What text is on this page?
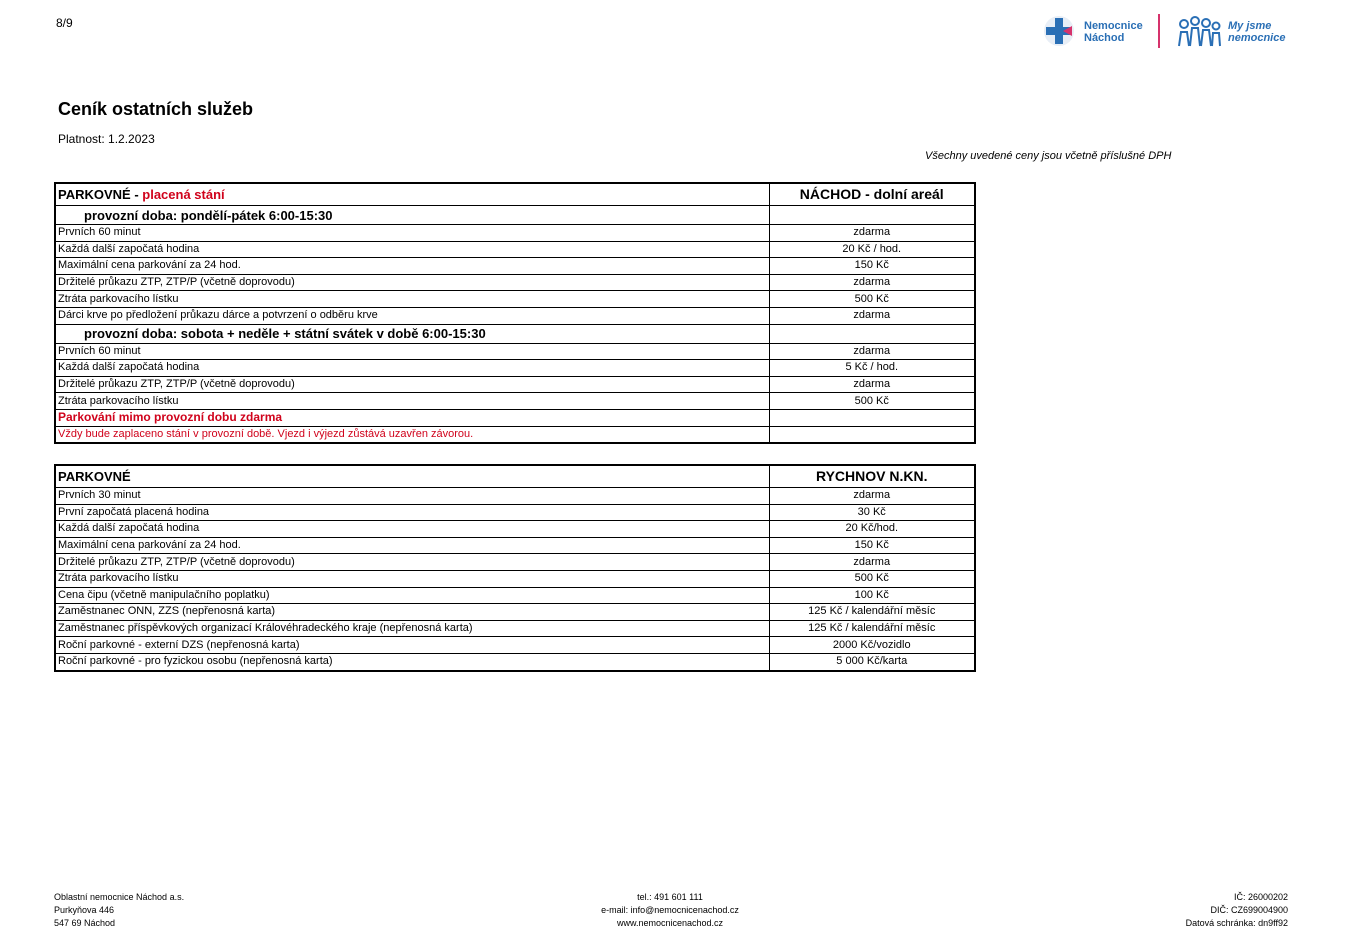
8/9	Nemocnice
Náchod
My jsme
nemocnice
Ceník ostatních služeb
Platnost: 1.2.2023
Všechny uvedené ceny jsou včetně příslušné DPH
PARKOVNÉ - placená stání	NÁCHOD - dolní areál
provozní doba: pondělí-pátek 6:00-15:30	
Prvních 60 minut	zdarma
Každá další započatá hodina	20 Kč / hod.
Maximální cena parkování za 24 hod.	150 Kč
Držitelé průkazu ZTP, ZTP/P (včetně doprovodu)	zdarma
Ztráta parkovacího lístku	500 Kč
Dárci krve po předložení průkazu dárce a potvrzení o odběru krve	zdarma
provozní doba: sobota + neděle + státní svátek v době 6:00-15:30	
Prvních 60 minut	zdarma
Každá další započatá hodina	5 Kč / hod.
Držitelé průkazu ZTP, ZTP/P (včetně doprovodu)	zdarma
Ztráta parkovacího lístku	500 Kč
Parkování mimo provozní dobu zdarma	
Vždy bude zaplaceno stání v provozní době. Vjezd i výjezd zůstává uzavřen závorou.	
PARKOVNÉ	RYCHNOV N.KN.
Prvních 30 minut	zdarma
První započatá placená hodina	30 Kč
Každá další započatá hodina	20 Kč/hod.
Maximální cena parkování za 24 hod.	150 Kč
Držitelé průkazu ZTP, ZTP/P (včetně doprovodu)	zdarma
Ztráta parkovacího lístku	500 Kč
Cena čipu (včetně manipulačního poplatku)	100 Kč
Zaměstnanec ONN, ZZS (nepřenosná karta)	125 Kč / kalendářní měsíc
Zaměstnanec příspěvkových organizací Královéhradeckého kraje (nepřenosná karta)	125 Kč / kalendářní měsíc
Roční parkovné - externí DZS (nepřenosná karta)	2000 Kč/vozidlo
Roční parkovné - pro fyzickou osobu (nepřenosná karta)	5 000 Kč/karta
Oblastní nemocnice Náchod a.s.
Purkyňova 446
547 69 Náchod
tel.: 491 601 111
e-mail: info@nemocnicenachod.cz
www.nemocnicenachod.cz
IČ: 26000202
DIČ: CZ699004900
Datová schránka: dn9ff92
